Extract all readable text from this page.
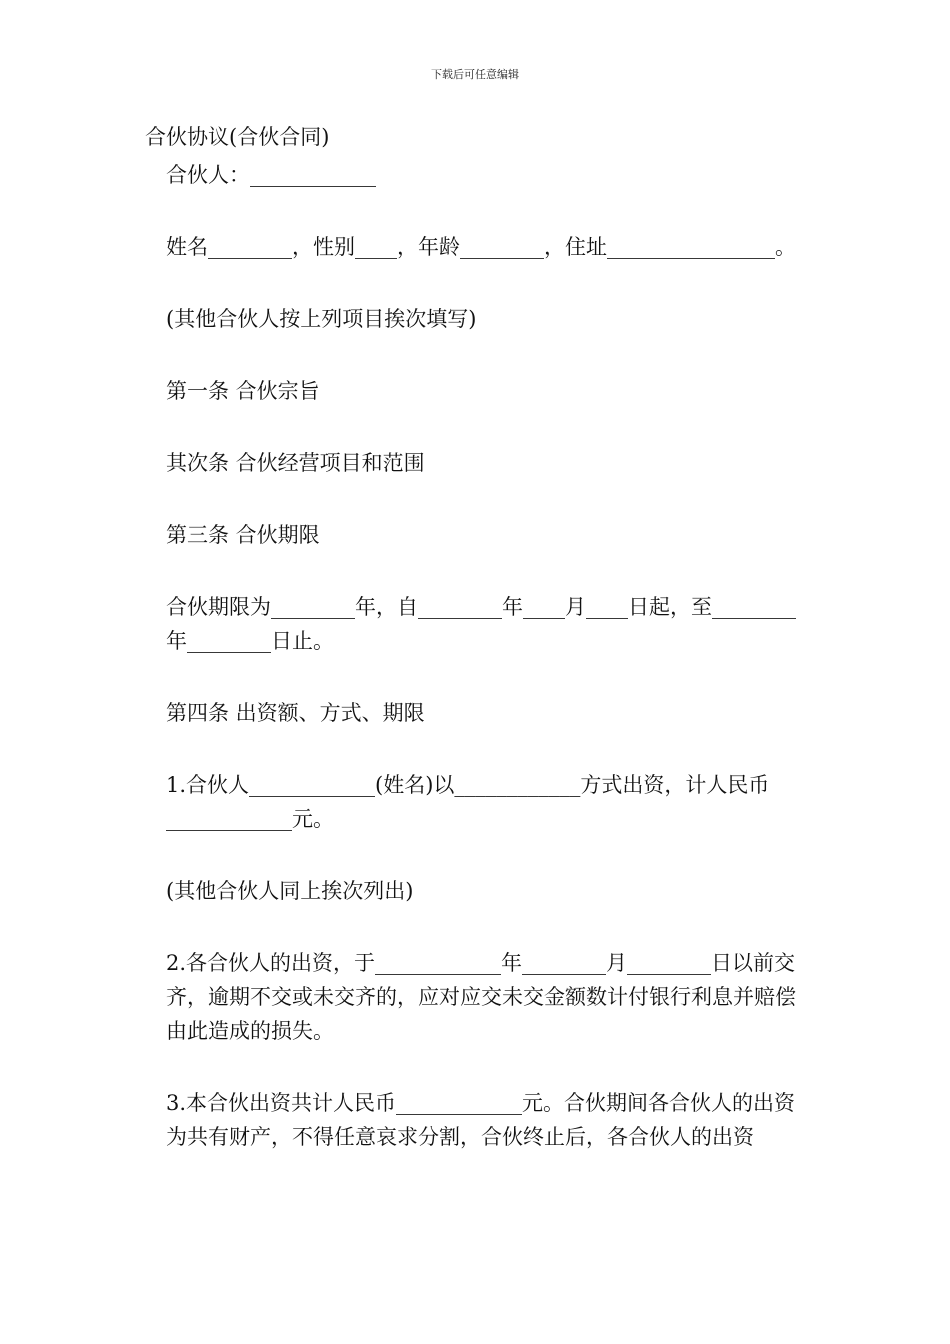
下载后可任意编辑

合伙协议(合伙合同)

合伙人：____________

姓名________，性别____，年龄________，住址________________。

(其他合伙人按上列项目挨次填写)

第一条 合伙宗旨

其次条 合伙经营项目和范围

第三条 合伙期限

合伙期限为________年，自________年____月____日起，至________年________日止。

第四条 出资额、方式、期限

1.合伙人____________(姓名)以____________方式出资，计人民币____________元。

(其他合伙人同上挨次列出)

2.各合伙人的出资，于____________年________月________日以前交齐，逾期不交或未交齐的，应对应交未交金额数计付银行利息并赔偿由此造成的损失。

3.本合伙出资共计人民币____________元。合伙期间各合伙人的出资 为共有财产，不得任意哀求分割，合伙终止后，各合伙人的出资
